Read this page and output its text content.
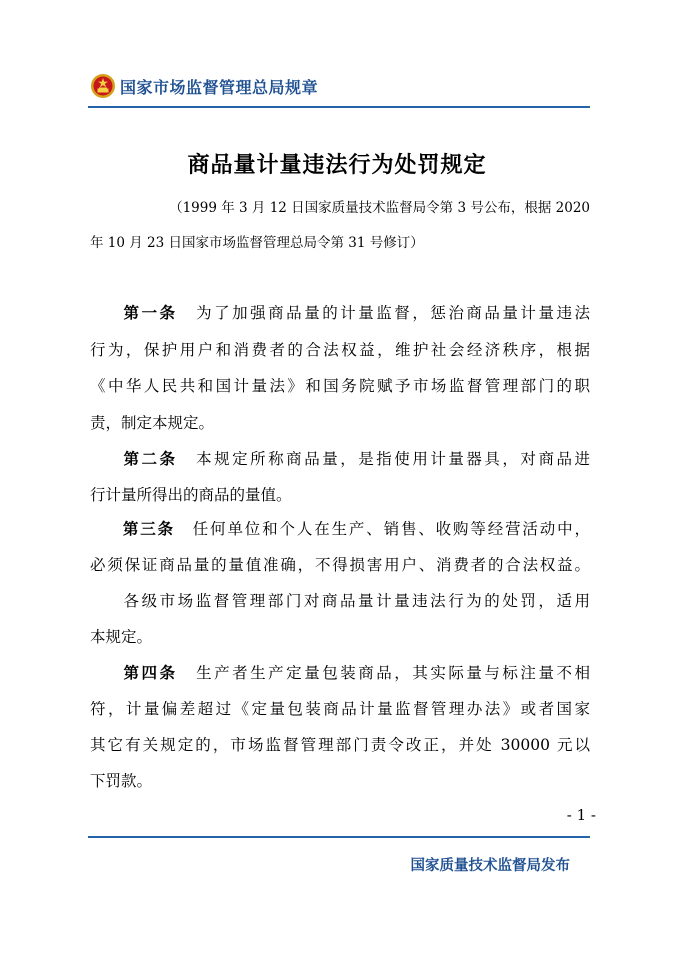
国家市场监督管理总局规章
商品量计量违法行为处罚规定
（1999 年 3 月 12 日国家质量技术监督局令第 3 号公布，根据 2020
年 10 月 23 日国家市场监督管理总局令第 31 号修订）
第一条 为了加强商品量的计量监督，惩治商品量计量违法
行为，保护用户和消费者的合法权益，维护社会经济秩序，根据
《中华人民共和国计量法》和国务院赋予市场监督管理部门的职
责，制定本规定。
第二条 本规定所称商品量，是指使用计量器具，对商品进
行计量所得出的商品的量值。
第三条 任何单位和个人在生产、销售、收购等经营活动中，
必须保证商品量的量值准确，不得损害用户、消费者的合法权益。
各级市场监督管理部门对商品量计量违法行为的处罚，适用
本规定。
第四条 生产者生产定量包装商品，其实际量与标注量不相
符，计量偏差超过《定量包装商品计量监督管理办法》或者国家
其它有关规定的，市场监督管理部门责令改正，并处 30000 元以
下罚款。
- 1 -
国家质量技术监督局发布
